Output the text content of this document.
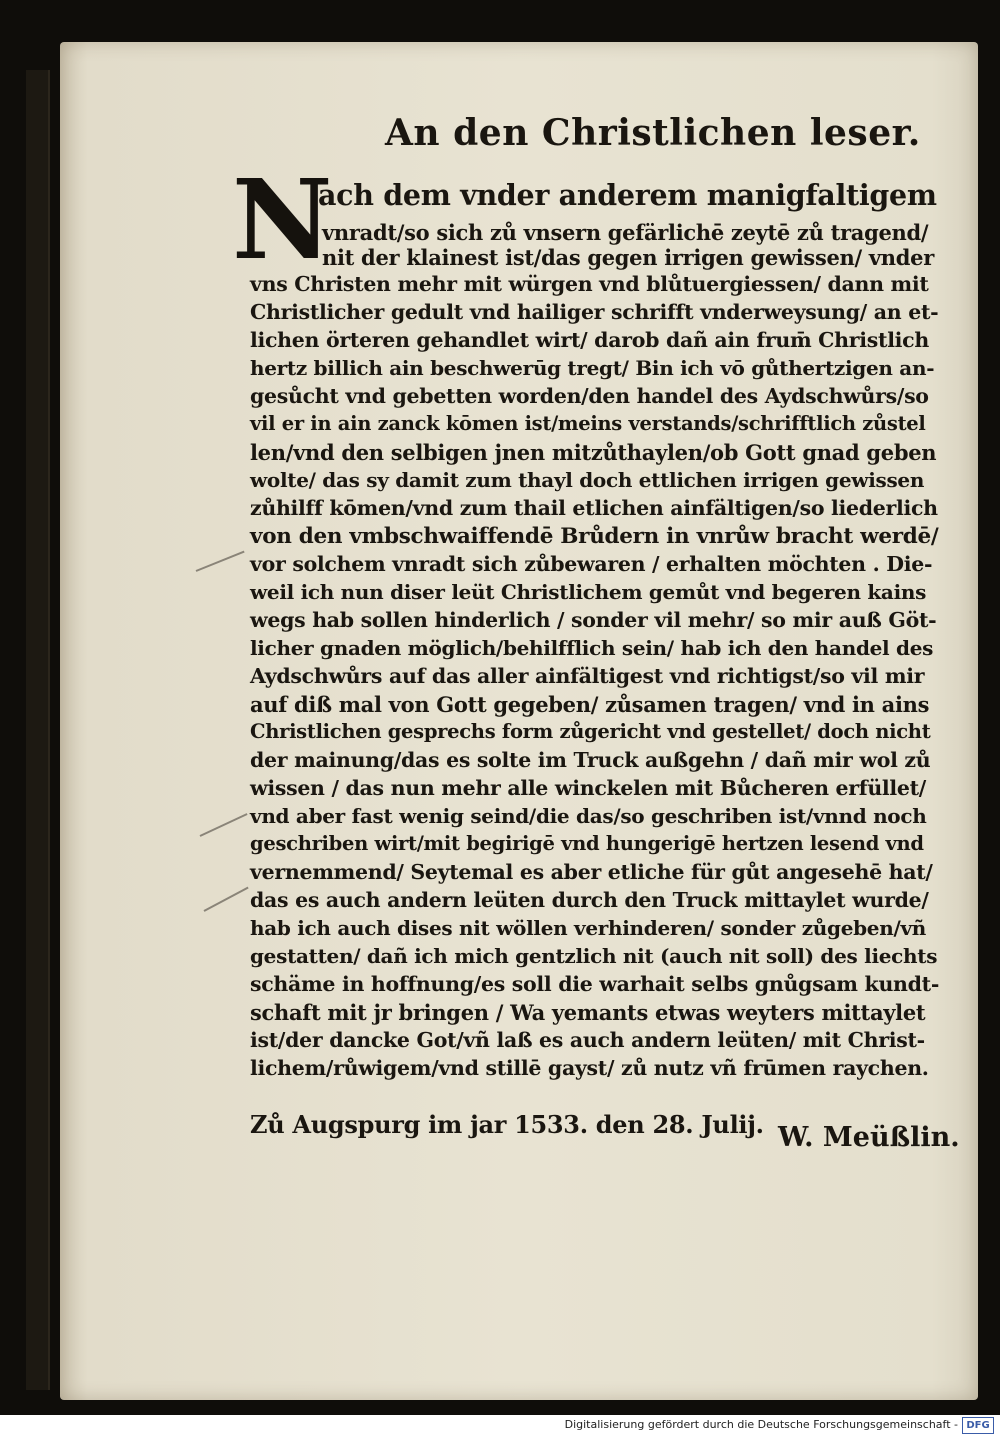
An den Christlichen leser.
N
ach dem vnder anderem manigfaltigem
vnradt/so sich zů vnsern gefärlichē zeytē zů tragend/
nit der klainest ist/das gegen irrigen gewissen/ vnder
vns Christen mehr mit würgen vnd blůtuergiessen/ dann mit
Christlicher gedult vnd hailiger schrifft vnderweysung/ an et-
lichen örteren gehandlet wirt/ darob dañ ain frum̄ Christlich
hertz billich ain beschwerūg tregt/ Bin ich vō gůthertzigen an-
gesůcht vnd gebetten worden/den handel des Aydschwůrs/so
vil er in ain zanck kōmen ist/meins verstands/schrifftlich zůstel
len/vnd den selbigen jnen mitzůthaylen/ob Gott gnad geben
wolte/ das sy damit zum thayl doch ettlichen irrigen gewissen
zůhilff kōmen/vnd zum thail etlichen ainfältigen/so liederlich
von den vmbschwaiffendē Brůdern in vnrůw bracht werdē/
vor solchem vnradt sich zůbewaren / erhalten möchten . Die-
weil ich nun diser leüt Christlichem gemůt vnd begeren kains
wegs hab sollen hinderlich / sonder vil mehr/ so mir auß Göt-
licher gnaden möglich/behilfflich sein/ hab ich den handel des
Aydschwůrs auf das aller ainfältigest vnd richtigst/so vil mir
auf diß mal von Gott gegeben/ zůsamen tragen/ vnd in ains
Christlichen gesprechs form zůgericht vnd gestellet/ doch nicht
der mainung/das es solte im Truck außgehn / dañ mir wol zů
wissen / das nun mehr alle winckelen mit Bůcheren erfüllet/
vnd aber fast wenig seind/die das/so geschriben ist/vnnd noch
geschriben wirt/mit begirigē vnd hungerigē hertzen lesend vnd
vernemmend/ Seytemal es aber etliche für gůt angesehē hat/
das es auch andern leüten durch den Truck mittaylet wurde/
hab ich auch dises nit wöllen verhinderen/ sonder zůgeben/vñ
gestatten/ dañ ich mich gentzlich nit (auch nit soll) des liechts
schäme in hoffnung/es soll die warhait selbs gnůgsam kundt-
schaft mit jr bringen / Wa yemants etwas weyters mittaylet
ist/der dancke Got/vñ laß es auch andern leüten/ mit Christ-
lichem/růwigem/vnd stillē gayst/ zů nutz vñ frūmen raychen.
Zů Augspurg im jar 1533. den 28. Julij. W. Meüßlin.
Digitalisierung gefördert durch die Deutsche Forschungsgemeinschaft - DFG
